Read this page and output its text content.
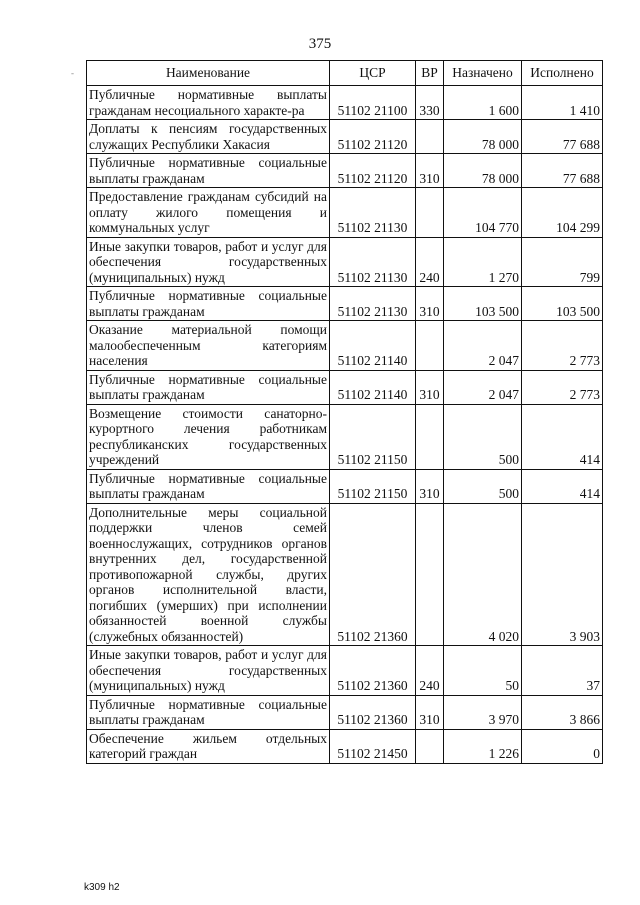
375
-	Наименование	ЦСР	ВР	Назначено	Исполнено
Публичные нормативные выплаты гражданам несоциального характе-ра	51102 21100	330	1 600	1 410
Доплаты к пенсиям государственных служащих Республики Хакасия	51102 21120		78 000	77 688
Публичные нормативные социальные выплаты гражданам	51102 21120	310	78 000	77 688
Предоставление гражданам субсидий на оплату жилого помещения и коммунальных услуг	51102 21130		104 770	104 299
Иные закупки товаров, работ и услуг для обеспечения государственных (муниципальных) нужд	51102 21130	240	1 270	799
Публичные нормативные социальные выплаты гражданам	51102 21130	310	103 500	103 500
Оказание материальной помощи малообеспеченным категориям населения	51102 21140		2 047	2 773
Публичные нормативные социальные выплаты гражданам	51102 21140	310	2 047	2 773
Возмещение стоимости санаторно-курортного лечения работникам республиканских государственных учреждений	51102 21150		500	414
Публичные нормативные социальные выплаты гражданам	51102 21150	310	500	414
Дополнительные меры социальной поддержки членов семей военнослужащих, сотрудников органов внутренних дел, государственной противопожарной службы, других органов исполнительной власти, погибших (умерших) при исполнении обязанностей военной службы (служебных обязанностей)	51102 21360		4 020	3 903
Иные закупки товаров, работ и услуг для обеспечения государственных (муниципальных) нужд	51102 21360	240	50	37
Публичные нормативные социальные выплаты гражданам	51102 21360	310	3 970	3 866
Обеспечение жильем отдельных категорий граждан	51102 21450		1 226	0
k309 h2
